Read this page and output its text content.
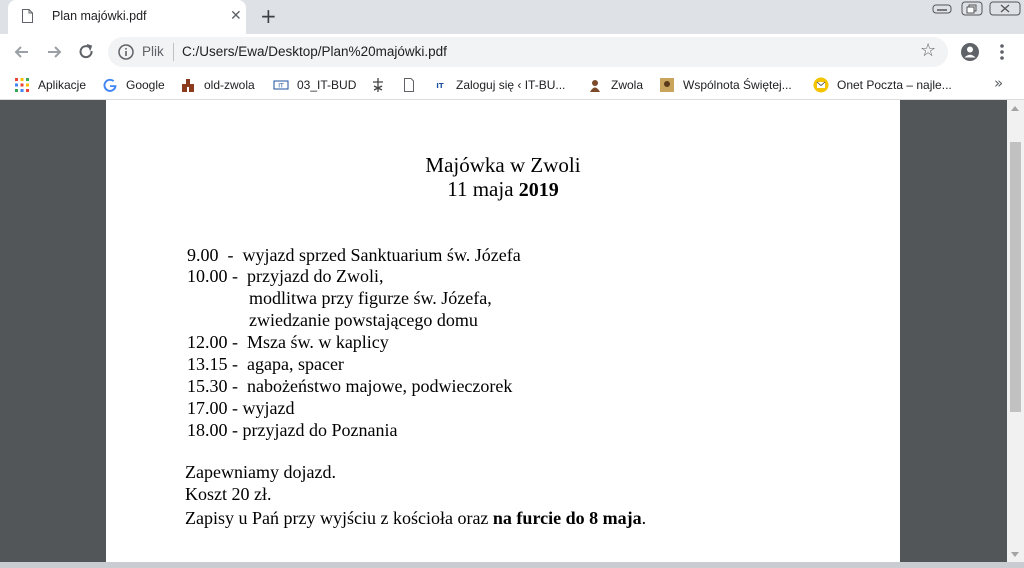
Plan majówki.pdf	✕ +
Plik C:/Users/Ewa/Desktop/Plan%20majówki.pdf	☆
Aplikacje	Google	old-zwola	IT 03_IT-BUD	IT Zaloguj się ‹ IT-BU...	Zwola	Wspólnota Świętej...	Onet Poczta – najle...	»
Majówka w Zwoli
11 maja 2019
9.00  -  wyjazd sprzed Sanktuarium św. Józefa
10.00 -  przyjazd do Zwoli,
modlitwa przy figurze św. Józefa,
zwiedzanie powstającego domu
12.00 -  Msza św. w kaplicy
13.15 -  agapa, spacer
15.30 -  nabożeństwo majowe, podwieczorek
17.00 - wyjazd
18.00 - przyjazd do Poznania
Zapewniamy dojazd.
Koszt 20 zł.
Zapisy u Pań przy wyjściu z kościoła oraz na furcie do 8 maja.
